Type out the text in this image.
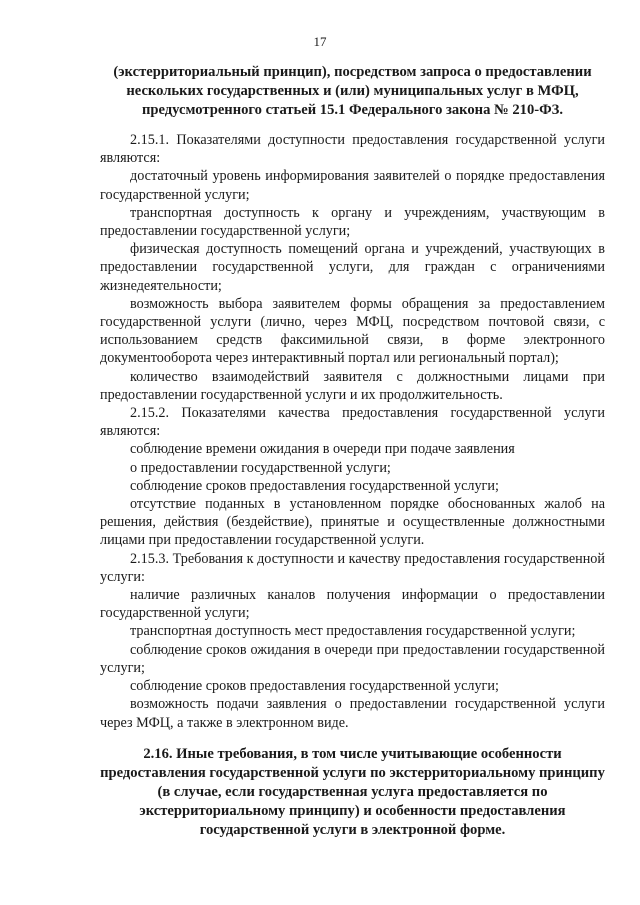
17
(экстерриториальный принцип), посредством запроса о предоставлении нескольких государственных и (или) муниципальных услуг в МФЦ, предусмотренного статьей 15.1 Федерального закона № 210-ФЗ.

2.15.1. Показателями доступности предоставления государственной услуги являются:

достаточный уровень информирования заявителей о порядке предоставления государственной услуги;

транспортная доступность к органу и учреждениям, участвующим в предоставлении государственной услуги;

физическая доступность помещений органа и учреждений, участвующих в предоставлении государственной услуги, для граждан с ограничениями жизнедеятельности;

возможность выбора заявителем формы обращения за предоставлением государственной услуги (лично, через МФЦ, посредством почтовой связи, с использованием средств факсимильной связи, в форме электронного документооборота через интерактивный портал или региональный портал);

количество взаимодействий заявителя с должностными лицами при предоставлении государственной услуги и их продолжительность.

2.15.2. Показателями качества предоставления государственной услуги являются:

соблюдение времени ожидания в очереди при подаче заявления

о предоставлении государственной услуги;

соблюдение сроков предоставления государственной услуги;

отсутствие поданных в установленном порядке обоснованных жалоб на решения, действия (бездействие), принятые и осуществленные должностными лицами при предоставлении государственной услуги.

2.15.3. Требования к доступности и качеству предоставления государственной услуги:

наличие различных каналов получения информации о предоставлении государственной услуги;

транспортная доступность мест предоставления государственной услуги;

соблюдение сроков ожидания в очереди при предоставлении государственной услуги;

соблюдение сроков предоставления государственной услуги;

возможность подачи заявления о предоставлении государственной услуги через МФЦ, а также в электронном виде.

2.16. Иные требования, в том числе учитывающие особенности предоставления государственной услуги по экстерриториальному принципу (в случае, если государственная услуга предоставляется по экстерриториальному принципу) и особенности предоставления государственной услуги в электронной форме.
